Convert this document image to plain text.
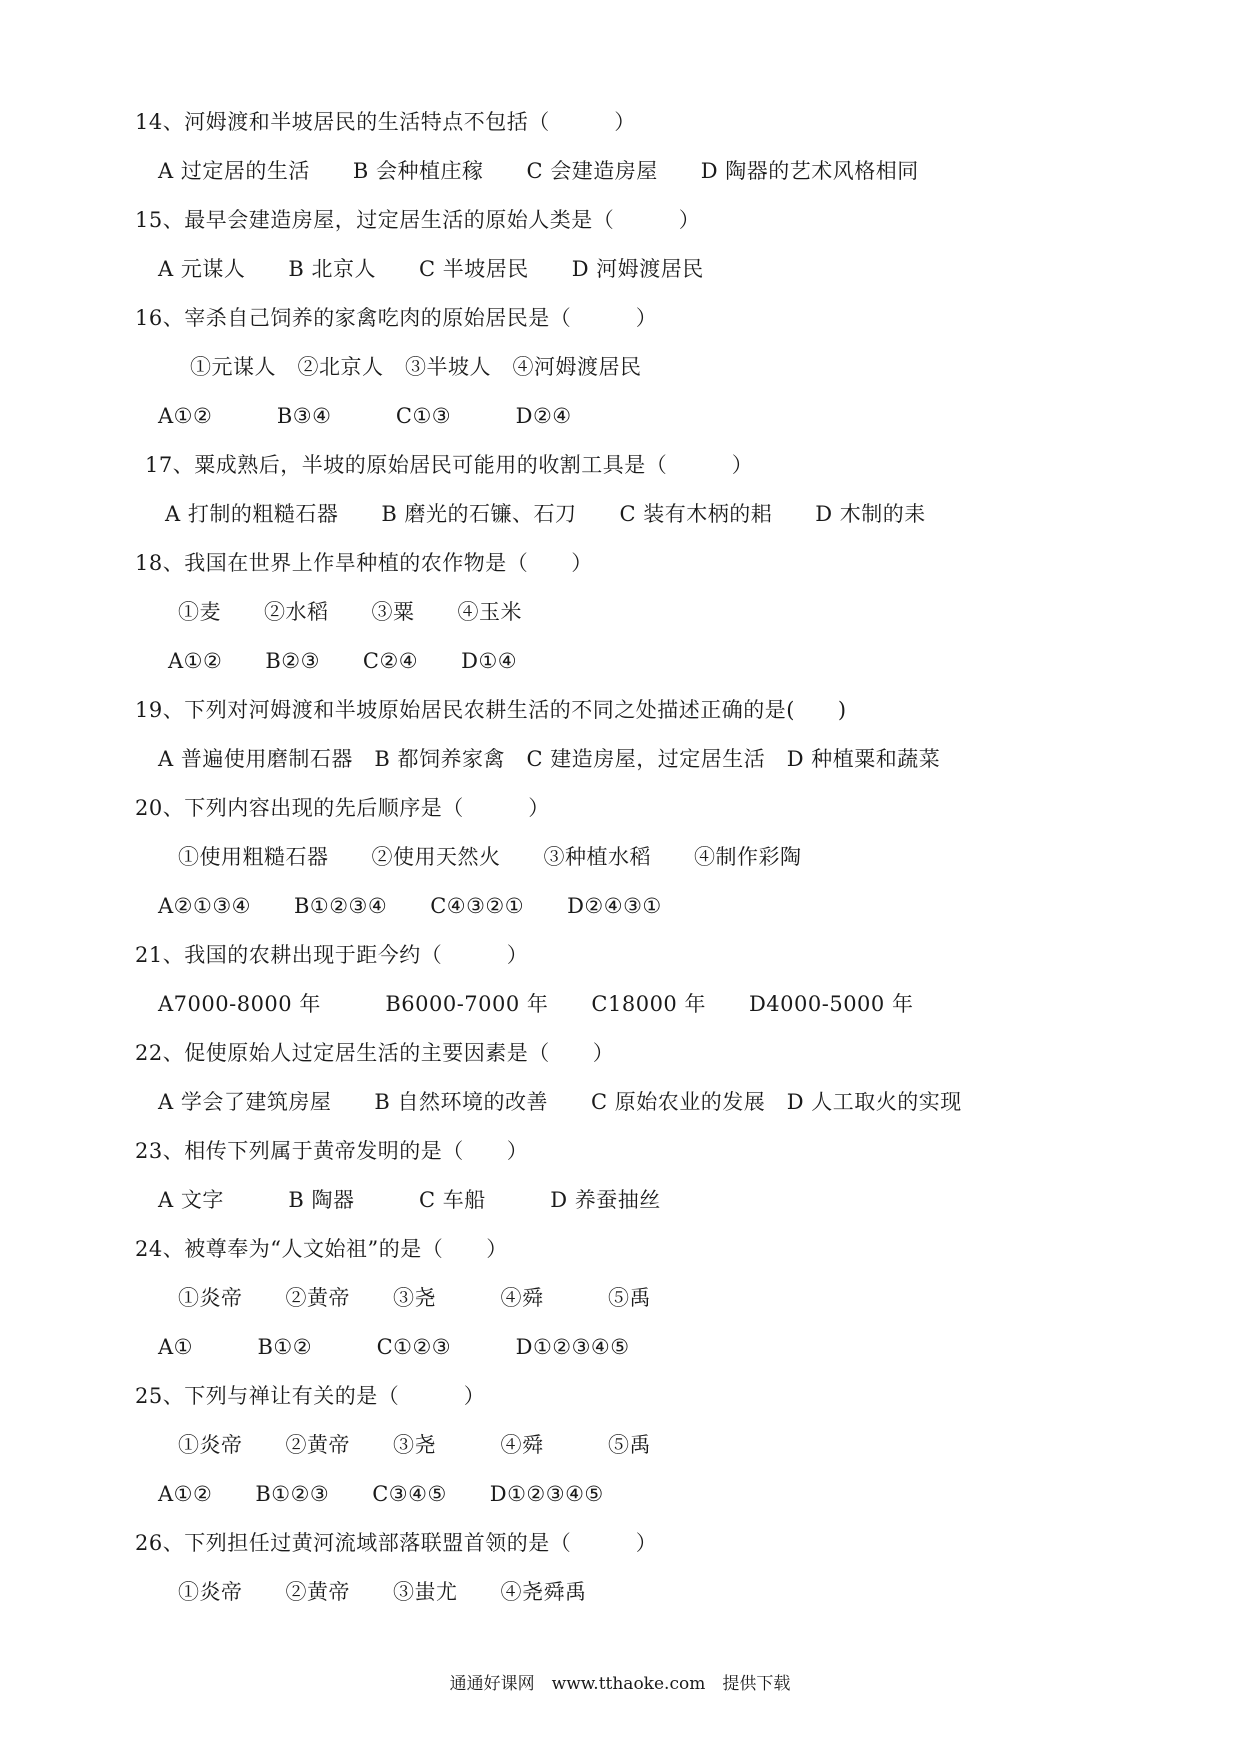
14、河姆渡和半坡居民的生活特点不包括（　　　）
A 过定居的生活　　B 会种植庄稼　　C 会建造房屋　　D 陶器的艺术风格相同
15、最早会建造房屋，过定居生活的原始人类是（　　　）
A 元谋人　　B 北京人　　C 半坡居民　　D 河姆渡居民
16、宰杀自己饲养的家禽吃肉的原始居民是（　　　）
①元谋人　②北京人　③半坡人　④河姆渡居民
A①②　　　B③④　　　C①③　　　D②④
17、粟成熟后，半坡的原始居民可能用的收割工具是（　　　）
A 打制的粗糙石器　　B 磨光的石镰、石刀　　C 装有木柄的耜　　D 木制的耒
18、我国在世界上作旱种植的农作物是（　　）
①麦　　②水稻　　③粟　　④玉米
A①②　　B②③　　C②④　　D①④
19、下列对河姆渡和半坡原始居民农耕生活的不同之处描述正确的是(　　)
A 普遍使用磨制石器　B 都饲养家禽　C 建造房屋，过定居生活　D 种植粟和蔬菜
20、下列内容出现的先后顺序是（　　　）
①使用粗糙石器　　②使用天然火　　③种植水稻　　④制作彩陶
A②①③④　　B①②③④　　C④③②①　　D②④③①
21、我国的农耕出现于距今约（　　　）
A7000-8000 年　　　B6000-7000 年　　C18000 年　　D4000-5000 年
22、促使原始人过定居生活的主要因素是（　　）
A 学会了建筑房屋　　B 自然环境的改善　　C 原始农业的发展　D 人工取火的实现
23、相传下列属于黄帝发明的是（　　）
A 文字　　　B 陶器　　　C 车船　　　D 养蚕抽丝
24、被尊奉为“人文始祖”的是（　　）
①炎帝　　②黄帝　　③尧　　　④舜　　　⑤禹
A①　　　B①②　　　C①②③　　　D①②③④⑤
25、下列与禅让有关的是（　　　）
①炎帝　　②黄帝　　③尧　　　④舜　　　⑤禹
A①②　　B①②③　　C③④⑤　　D①②③④⑤
26、下列担任过黄河流域部落联盟首领的是（　　　）
①炎帝　　②黄帝　　③蚩尤　　④尧舜禹
通通好课网　www.tthaoke.com　提供下载
